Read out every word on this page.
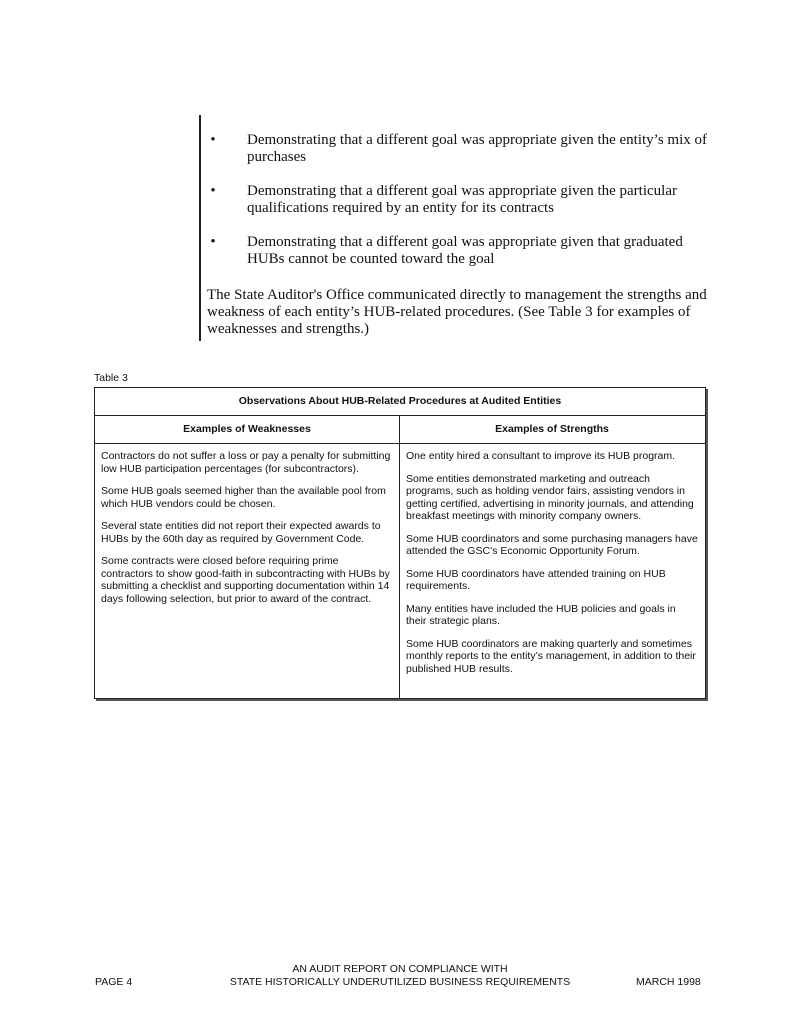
• Demonstrating that a different goal was appropriate given the entity’s mix of purchases
• Demonstrating that a different goal was appropriate given the particular qualifications required by an entity for its contracts
• Demonstrating that a different goal was appropriate given that graduated HUBs cannot be counted toward the goal

The State Auditor's Office communicated directly to management the strengths and weakness of each entity’s HUB-related procedures. (See Table 3 for examples of weaknesses and strengths.)

Table 3
Observations About HUB-Related Procedures at Audited Entities
Examples of Weaknesses	Examples of Strengths

Contractors do not suffer a loss or pay a penalty for submitting low HUB participation percentages (for subcontractors).

Some HUB goals seemed higher than the available pool from which HUB vendors could be chosen.

Several state entities did not report their expected awards to HUBs by the 60th day as required by Government Code.

Some contracts were closed before requiring prime contractors to show good-faith in subcontracting with HUBs by submitting a checklist and supporting documentation within 14 days following selection, but prior to award of the contract.

One entity hired a consultant to improve its HUB program.

Some entities demonstrated marketing and outreach programs, such as holding vendor fairs, assisting vendors in getting certified, advertising in minority journals, and attending breakfast meetings with minority company owners.

Some HUB coordinators and some purchasing managers have attended the GSC’s Economic Opportunity Forum.

Some HUB coordinators have attended training on HUB requirements.

Many entities have included the HUB policies and goals in their strategic plans.

Some HUB coordinators are making quarterly and sometimes monthly reports to the entity’s management, in addition to their published HUB results.

PAGE 4
AN AUDIT REPORT ON COMPLIANCE WITH
STATE HISTORICALLY UNDERUTILIZED BUSINESS REQUIREMENTS	MARCH 1998
